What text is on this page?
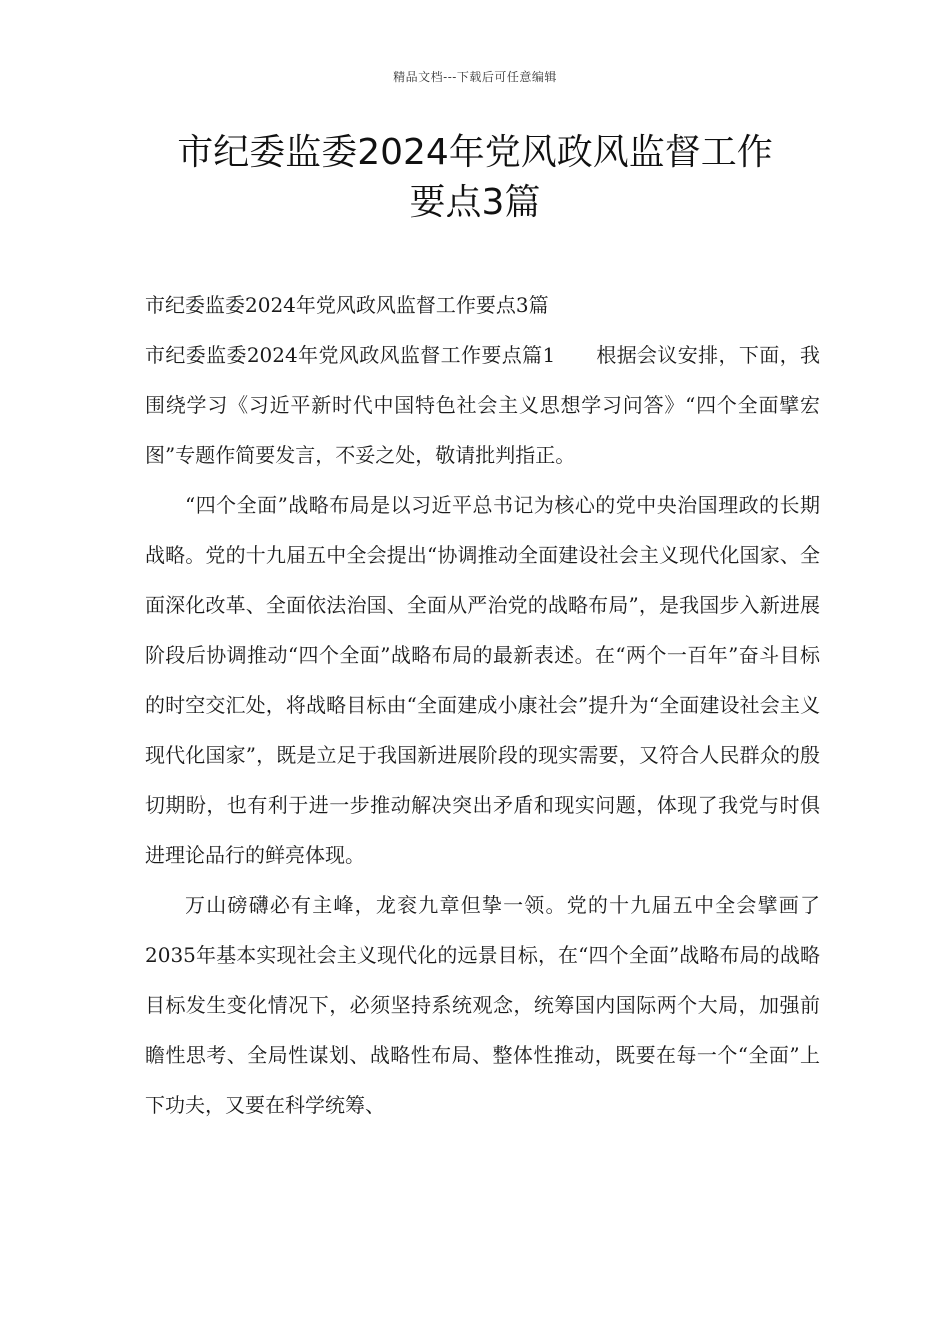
精品文档---下载后可任意编辑
市纪委监委2024年党风政风监督工作
要点3篇

市纪委监委2024年党风政风监督工作要点3篇

市纪委监委2024年党风政风监督工作要点篇1　　根据会议安排，下面，我围绕学习《习近平新时代中国特色社会主义思想学习问答》“四个全面擘宏图”专题作简要发言，不妥之处，敬请批判指正。

“四个全面”战略布局是以习近平总书记为核心的党中央治国理政的长期战略。党的十九届五中全会提出“协调推动全面建设社会主义现代化国家、全面深化改革、全面依法治国、全面从严治党的战略布局”，是我国步入新进展阶段后协调推动“四个全面”战略布局的最新表述。在“两个一百年”奋斗目标的时空交汇处，将战略目标由“全面建成小康社会”提升为“全面建设社会主义现代化国家”，既是立足于我国新进展阶段的现实需要，又符合人民群众的殷切期盼，也有利于进一步推动解决突出矛盾和现实问题，体现了我党与时俱进理论品行的鲜亮体现。

万山磅礴必有主峰，龙衮九章但挚一领。党的十九届五中全会擘画了2035年基本实现社会主义现代化的远景目标，在“四个全面”战略布局的战略目标发生变化情况下，必须坚持系统观念，统筹国内国际两个大局，加强前瞻性思考、全局性谋划、战略性布局、整体性推动，既要在每一个“全面”上下功夫，又要在科学统筹、
